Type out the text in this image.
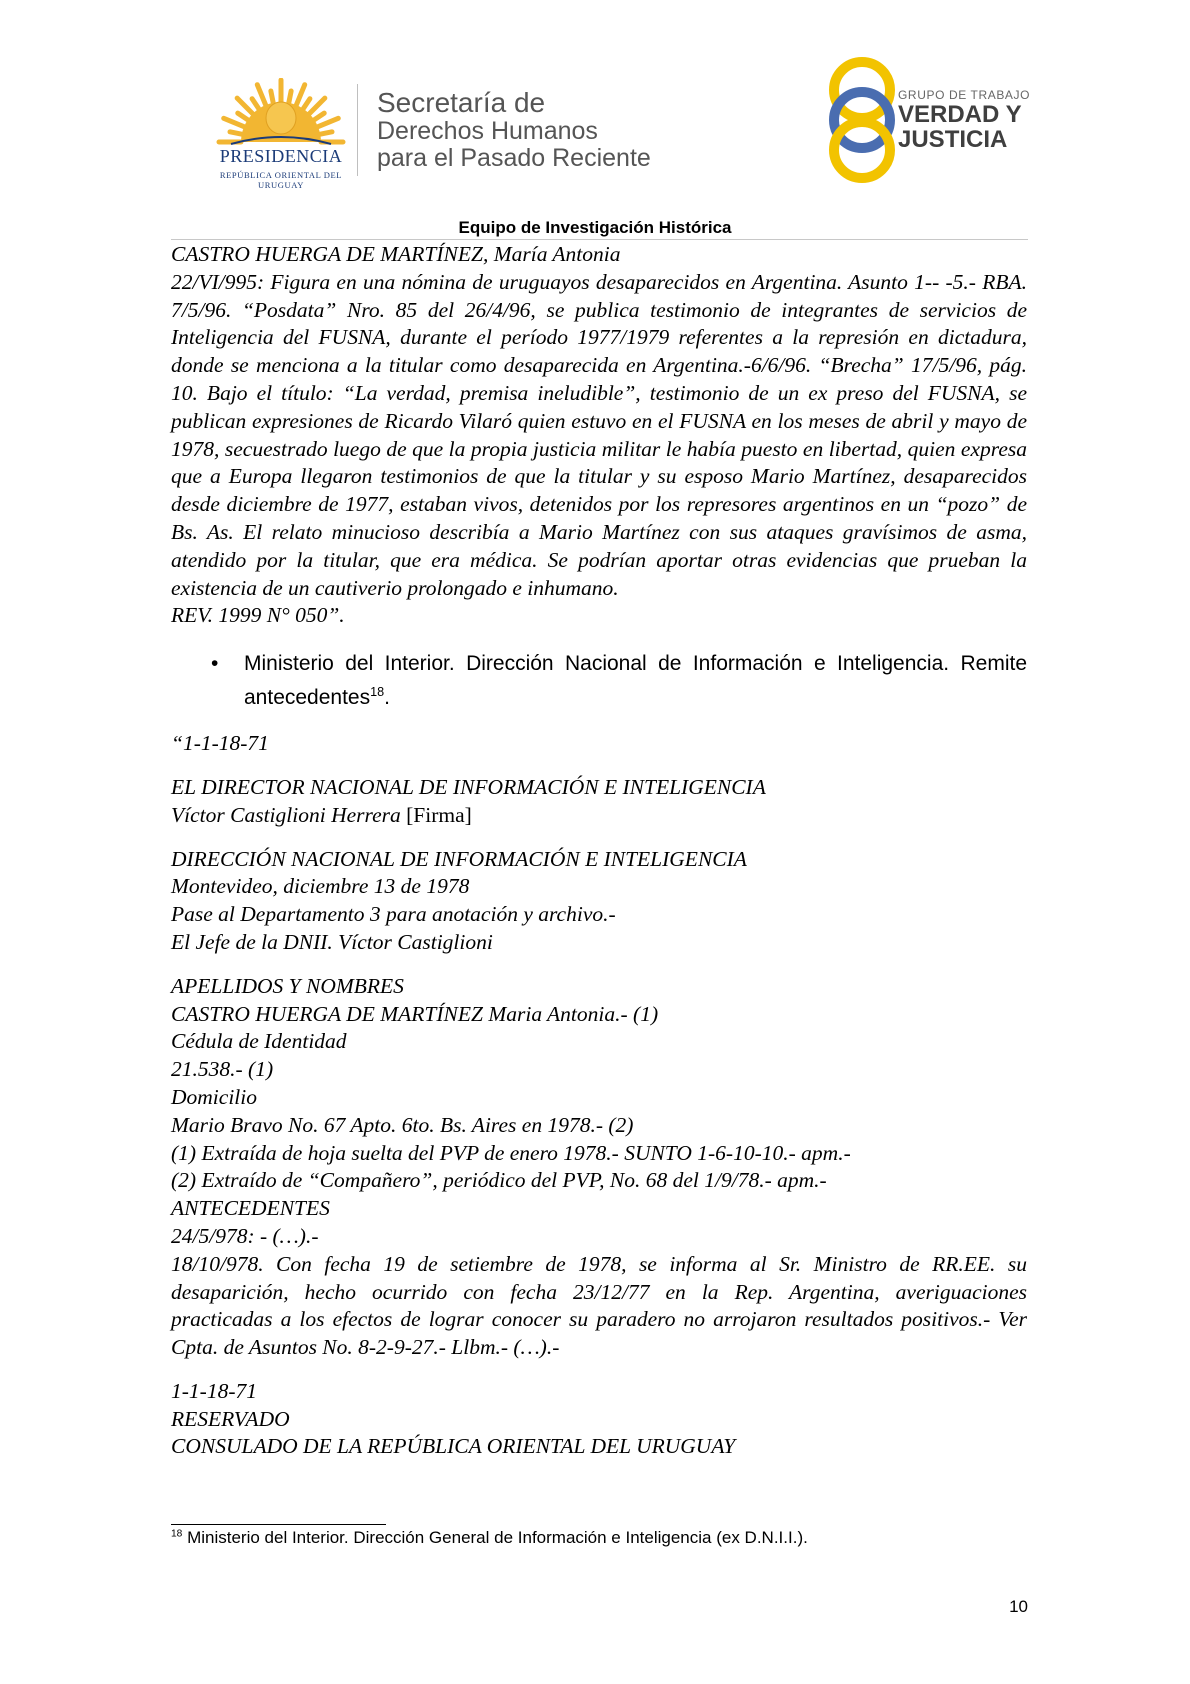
PRESIDENCIA
REPÚBLICA ORIENTAL DEL URUGUAY
Secretaría de
Derechos Humanos
para el Pasado Reciente
GRUPO DE TRABAJO
VERDAD Y
JUSTICIA
Equipo de Investigación Histórica

CASTRO HUERGA DE MARTÍNEZ, María Antonia

22/VI/995: Figura en una nómina de uruguayos desaparecidos en Argentina. Asunto 1-- -5.- RBA. 7/5/96. “Posdata” Nro. 85 del 26/4/96, se publica testimonio de integrantes de servicios de Inteligencia del FUSNA, durante el período 1977/1979 referentes a la represión en dictadura, donde se menciona a la titular como desaparecida en Argentina.-6/6/96. “Brecha” 17/5/96, pág. 10. Bajo el título: “La verdad, premisa ineludible”, testimonio de un ex preso del FUSNA, se publican expresiones de Ricardo Vilaró quien estuvo en el FUSNA en los meses de abril y mayo de 1978, secuestrado luego de que la propia justicia militar le había puesto en libertad, quien expresa que a Europa llegaron testimonios de que la titular y su esposo Mario Martínez, desaparecidos desde diciembre de 1977, estaban vivos, detenidos por los represores argentinos en un “pozo” de Bs. As. El relato minucioso describía a Mario Martínez con sus ataques gravísimos de asma, atendido por la titular, que era médica. Se podrían aportar otras evidencias que prueban la existencia de un cautiverio prolongado e inhumano.

REV. 1999 N° 050”.

• Ministerio del Interior. Dirección Nacional de Información e Inteligencia. Remite antecedentes$^{18}$.

“1-1-18-71

EL DIRECTOR NACIONAL DE INFORMACIÓN E INTELIGENCIA

Víctor Castiglioni Herrera [Firma]

DIRECCIÓN NACIONAL DE INFORMACIÓN E INTELIGENCIA

Montevideo, diciembre 13 de 1978

Pase al Departamento 3 para anotación y archivo.-

El Jefe de la DNII. Víctor Castiglioni

APELLIDOS Y NOMBRES

CASTRO HUERGA DE MARTÍNEZ Maria Antonia.- (1)

Cédula de Identidad

21.538.- (1)

Domicilio

Mario Bravo No. 67 Apto. 6to. Bs. Aires en 1978.- (2)

(1) Extraída de hoja suelta del PVP de enero 1978.- SUNTO 1-6-10-10.- apm.-

(2) Extraído de “Compañero”, periódico del PVP, No. 68 del 1/9/78.- apm.-

ANTECEDENTES

24/5/978: - (…).-

18/10/978. Con fecha 19 de setiembre de 1978, se informa al Sr. Ministro de RR.EE. su desaparición, hecho ocurrido con fecha 23/12/77 en la Rep. Argentina, averiguaciones practicadas a los efectos de lograr conocer su paradero no arrojaron resultados positivos.- Ver Cpta. de Asuntos No. 8-2-9-27.- Llbm.- (…).-

1-1-18-71

RESERVADO

CONSULADO DE LA REPÚBLICA ORIENTAL DEL URUGUAY

$^{18}$ Ministerio del Interior. Dirección General de Información e Inteligencia (ex D.N.I.I.).
10
